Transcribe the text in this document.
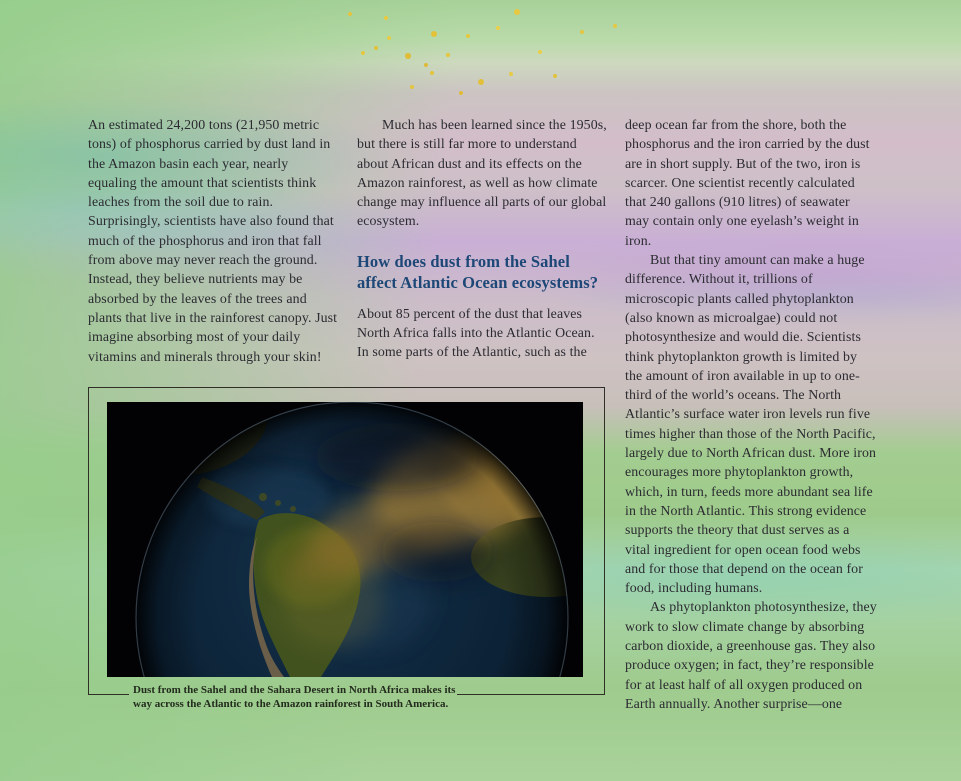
An estimated 24,200 tons (21,950 metric tons) of phosphorus carried by dust land in the Amazon basin each year, nearly equaling the amount that scientists think leaches from the soil due to rain. Surprisingly, scientists have also found that much of the phosphorus and iron that fall from above may never reach the ground. Instead, they believe nutrients may be absorbed by the leaves of the trees and plants that live in the rainforest canopy. Just imagine absorbing most of your daily vitamins and minerals through your skin!

Much has been learned since the 1950s, but there is still far more to understand about African dust and its effects on the Amazon rainforest, as well as how climate change may influence all parts of our global ecosystem.

How does dust from the Sahel affect Atlantic Ocean ecosystems?

About 85 percent of the dust that leaves North Africa falls into the Atlantic Ocean. In some parts of the Atlantic, such as the

deep ocean far from the shore, both the phosphorus and the iron carried by the dust are in short supply. But of the two, iron is scarcer. One scientist recently calculated that 240 gallons (910 litres) of seawater may contain only one eyelash’s weight in iron.

But that tiny amount can make a huge difference. Without it, trillions of microscopic plants called phytoplankton (also known as microalgae) could not photosynthesize and would die. Scientists think phytoplankton growth is limited by the amount of iron available in up to one-third of the world’s oceans. The North Atlantic’s surface water iron levels run five times higher than those of the North Pacific, largely due to North African dust. More iron encourages more phytoplankton growth, which, in turn, feeds more abundant sea life in the North Atlantic. This strong evidence supports the theory that dust serves as a vital ingredient for open ocean food webs and for those that depend on the ocean for food, including humans.

As phytoplankton photosynthesize, they work to slow climate change by absorbing carbon dioxide, a greenhouse gas. They also produce oxygen; in fact, they’re responsible for at least half of all oxygen produced on Earth annually. Another surprise—one

Dust from the Sahel and the Sahara Desert in North Africa makes its way across the Atlantic to the Amazon rainforest in South America.
